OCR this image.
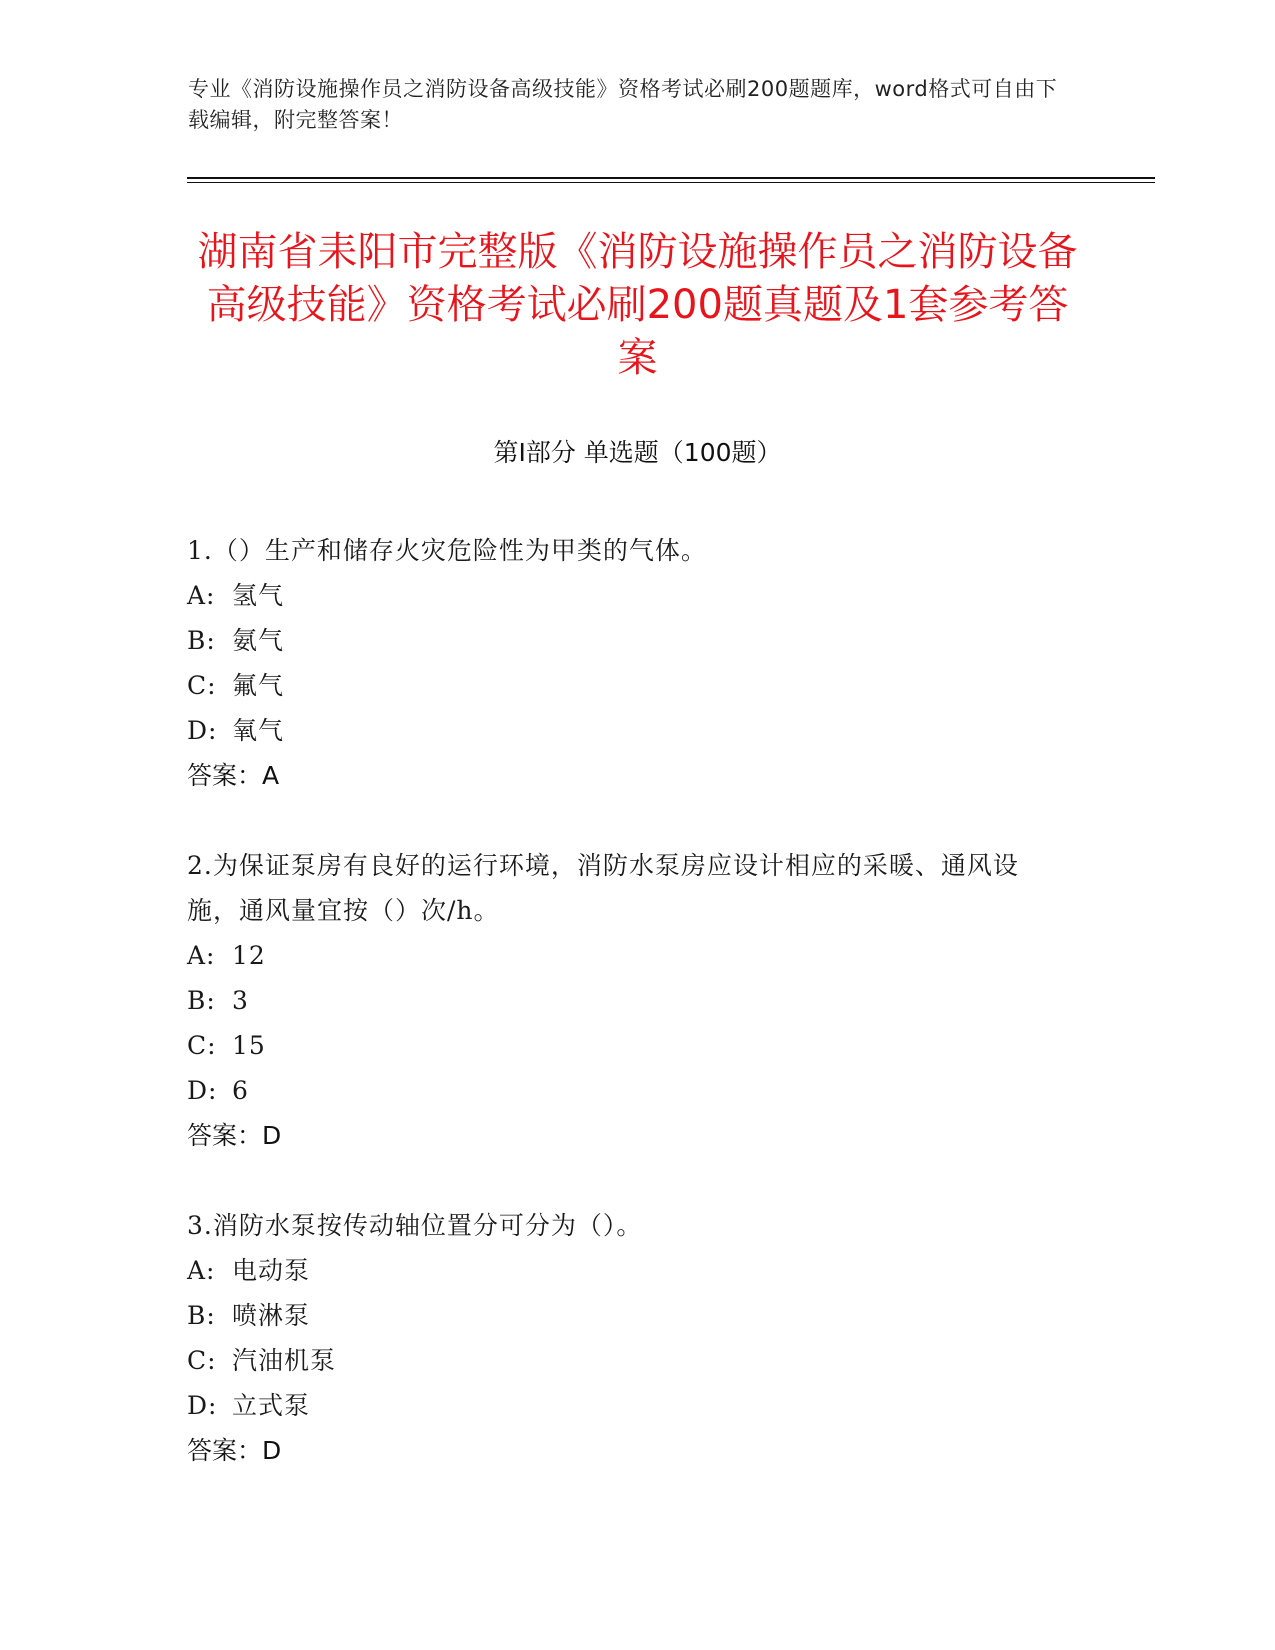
专业《消防设施操作员之消防设备高级技能》资格考试必刷200题题库，word格式可自由下载编辑，附完整答案！
湖南省耒阳市完整版《消防设施操作员之消防设备高级技能》资格考试必刷200题真题及1套参考答案
第Ⅰ部分 单选题（100题）
1.（）生产和储存火灾危险性为甲类的气体。
A: 氢气
B: 氨气
C: 氟气
D: 氧气
答案：A
2.为保证泵房有良好的运行环境，消防水泵房应设计相应的采暖、通风设施，通风量宜按（）次/h。
A: 12
B: 3
C: 15
D: 6
答案：D
3.消防水泵按传动轴位置分可分为（）。
A: 电动泵
B: 喷淋泵
C: 汽油机泵
D: 立式泵
答案：D
